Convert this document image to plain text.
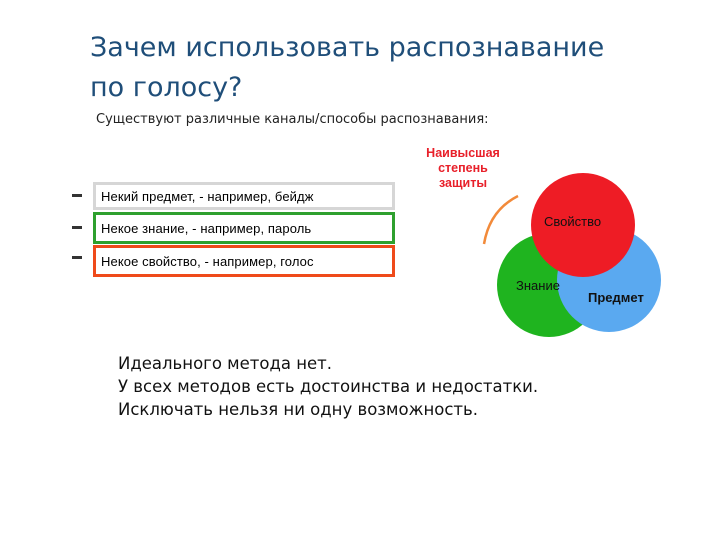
Зачем использовать распознавание
по голосу?
Существуют различные каналы/способы распознавания:
Некий предмет, - например, бейдж
Некое знание, - например, пароль
Некое свойство, - например, голос
Наивысшая
степень
защиты
Свойство
Знание
Предмет
Идеального метода нет.
У всех методов есть достоинства и недостатки.
Исключать нельзя ни одну возможность.
